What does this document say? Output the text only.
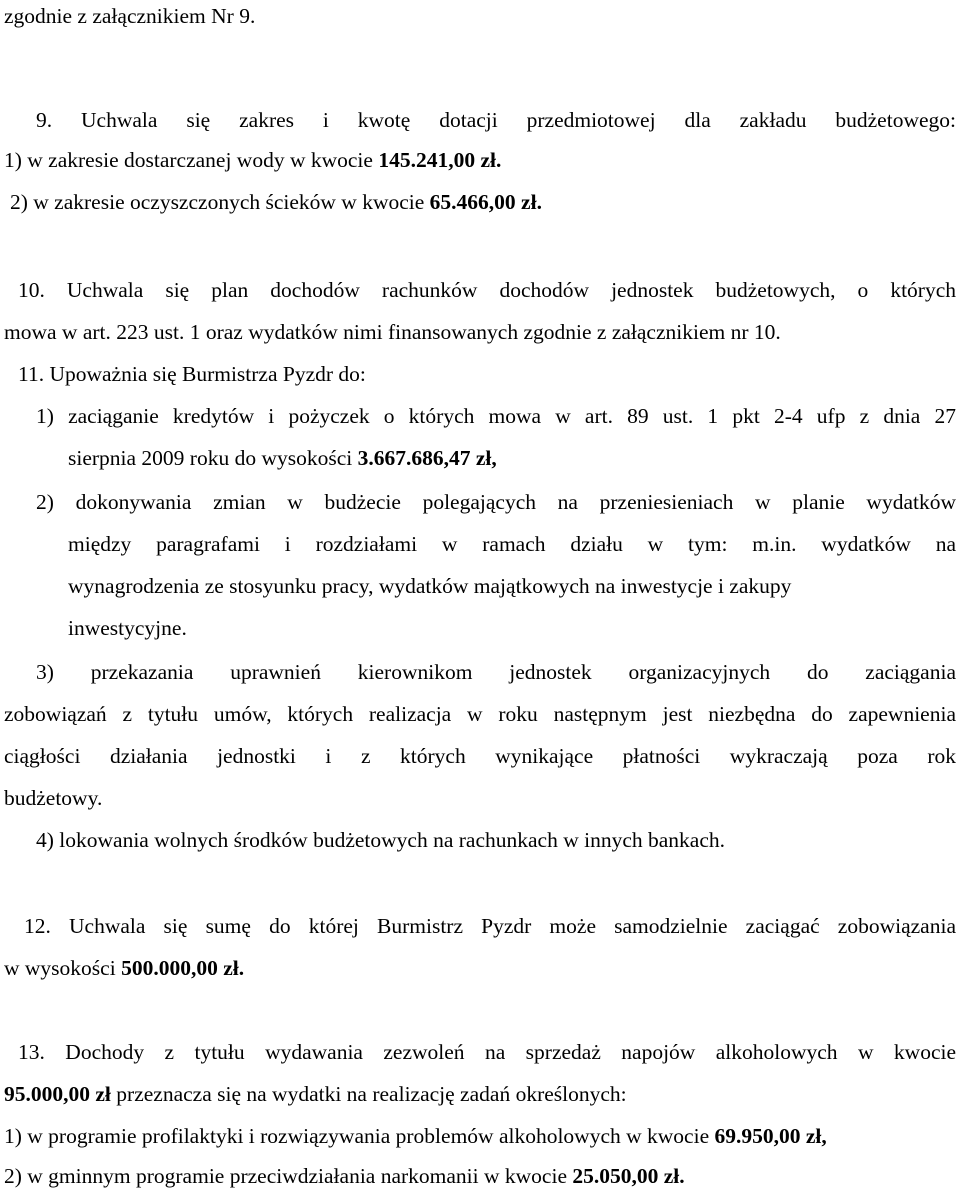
zgodnie z załącznikiem Nr 9.
9. Uchwala się zakres i kwotę dotacji przedmiotowej dla zakładu budżetowego:
1) w zakresie dostarczanej wody w kwocie 145.241,00 zł.
2) w zakresie oczyszczonych ścieków w kwocie 65.466,00 zł.
10. Uchwala się plan dochodów rachunków dochodów jednostek budżetowych, o których
mowa w art. 223 ust. 1 oraz wydatków nimi finansowanych zgodnie z załącznikiem nr 10.
11. Upoważnia się Burmistrza Pyzdr do:
1) zaciąganie kredytów i pożyczek o których mowa w art. 89 ust. 1 pkt 2-4 ufp z dnia 27
sierpnia 2009 roku do wysokości 3.667.686,47 zł,
2) dokonywania zmian w budżecie polegających na przeniesieniach w planie wydatków
między paragrafami i rozdziałami w ramach działu w tym: m.in. wydatków na
wynagrodzenia ze stosyunku pracy, wydatków majątkowych na inwestycje i zakupy
inwestycyjne.
3) przekazania uprawnień kierownikom jednostek organizacyjnych do zaciągania
zobowiązań z tytułu umów, których realizacja w roku następnym jest niezbędna do zapewnienia
ciągłości działania jednostki i z których wynikające płatności wykraczają poza rok
budżetowy.
4) lokowania wolnych środków budżetowych na rachunkach w innych bankach.
12. Uchwala się sumę do której Burmistrz Pyzdr może samodzielnie zaciągać zobowiązania
w wysokości 500.000,00 zł.
13. Dochody z tytułu wydawania zezwoleń na sprzedaż napojów alkoholowych w kwocie
95.000,00 zł przeznacza się na wydatki na realizację zadań określonych:
1) w programie profilaktyki i rozwiązywania problemów alkoholowych w kwocie 69.950,00 zł,
2) w gminnym programie przeciwdziałania narkomanii w kwocie 25.050,00 zł.
